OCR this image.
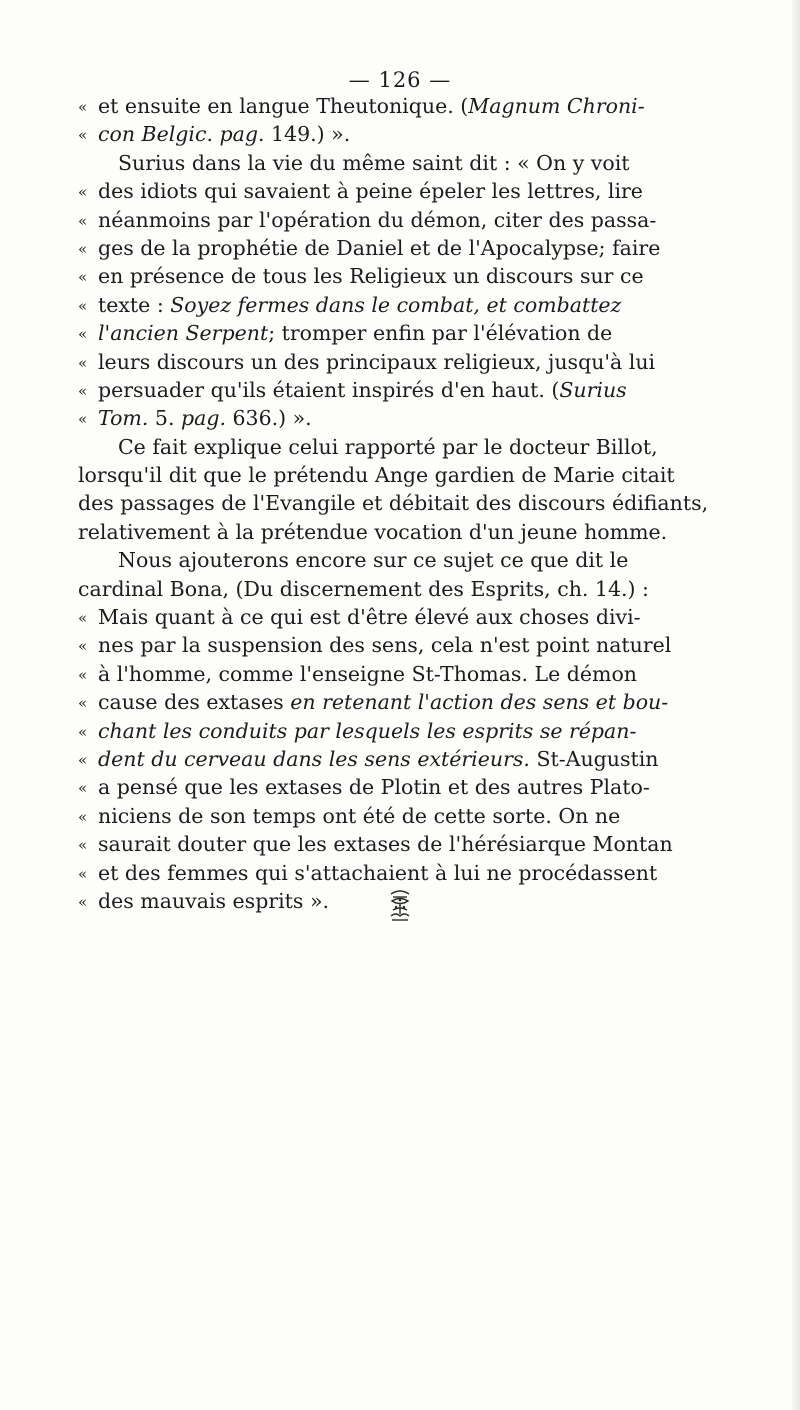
— 126 —
« et ensuite en langue Theutonique. (Magnum Chroni-
« con Belgic. pag. 149.) ».
Surius dans la vie du même saint dit : « On y voit
« des idiots qui savaient à peine épeler les lettres, lire
« néanmoins par l'opération du démon, citer des passa-
« ges de la prophétie de Daniel et de l'Apocalypse; faire
« en présence de tous les Religieux un discours sur ce
« texte : Soyez fermes dans le combat, et combattez
« l'ancien Serpent; tromper enfin par l'élévation de
« leurs discours un des principaux religieux, jusqu'à lui
« persuader qu'ils étaient inspirés d'en haut. (Surius
« Tom. 5. pag. 636.) ».
Ce fait explique celui rapporté par le docteur Billot,
lorsqu'il dit que le prétendu Ange gardien de Marie citait
des passages de l'Evangile et débitait des discours édifiants,
relativement à la prétendue vocation d'un jeune homme.
Nous ajouterons encore sur ce sujet ce que dit le
cardinal Bona, (Du discernement des Esprits, ch. 14.) :
« Mais quant à ce qui est d'être élevé aux choses divi-
« nes par la suspension des sens, cela n'est point naturel
« à l'homme, comme l'enseigne St-Thomas. Le démon
« cause des extases en retenant l'action des sens et bou-
« chant les conduits par lesquels les esprits se répan-
« dent du cerveau dans les sens extérieurs. St-Augustin
« a pensé que les extases de Plotin et des autres Plato-
« niciens de son temps ont été de cette sorte. On ne
« saurait douter que les extases de l'hérésiarque Montan
« et des femmes qui s'attachaient à lui ne procédassent
« des mauvais esprits ».
